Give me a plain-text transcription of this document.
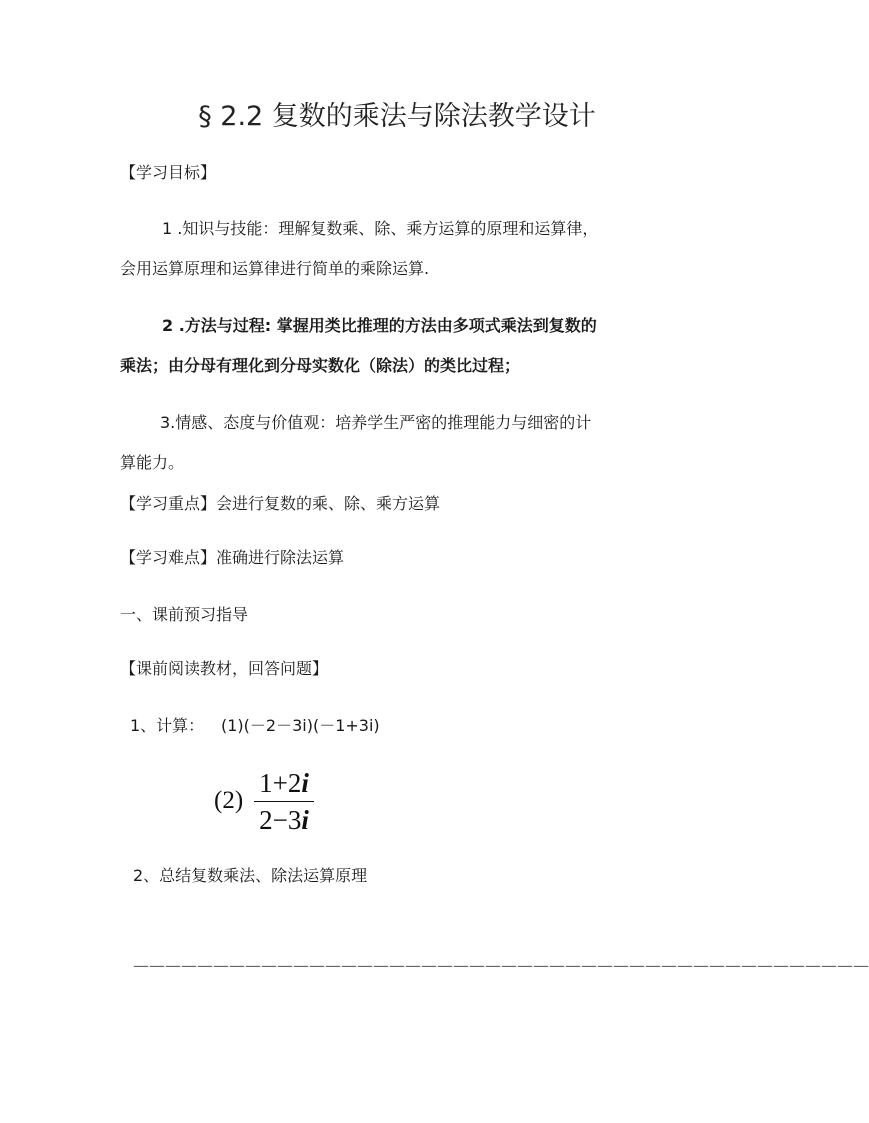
§ 2.2 复数的乘法与除法教学设计
【学习目标】
1 .知识与技能：理解复数乘、除、乘方运算的原理和运算律，
会用运算原理和运算律进行简单的乘除运算.
2 .方法与过程: 掌握用类比推理的方法由多项式乘法到复数的
乘法；由分母有理化到分母实数化（除法）的类比过程；
3.情感、态度与价值观：培养学生严密的推理能力与细密的计
算能力。
【学习重点】会进行复数的乘、除、乘方运算
【学习难点】准确进行除法运算
一、课前预习指导
【课前阅读教材，回答问题】
1、计算： (1)(－2－3i)(－1+3i)
(2)
1+2i
2−3i
2、总结复数乘法、除法运算原理
——————————————————————————————————————————————
